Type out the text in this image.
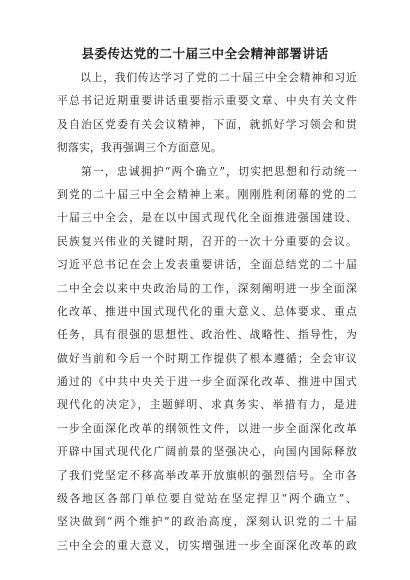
县委传达党的二十届三中全会精神部署讲话
　　以上，我们传达学习了党的二十届三中全会精神和习近
平总书记近期重要讲话重要指示重要文章、中央有关文件
及自治区党委有关会议精神，下面，就抓好学习领会和贯
彻落实，我再强调三个方面意见。
　　第一，忠诚拥护“两个确立”，切实把思想和行动统一
到党的二十届三中全会精神上来。刚刚胜利闭幕的党的二
十届三中全会，是在以中国式现代化全面推进强国建设、
民族复兴伟业的关键时期，召开的一次十分重要的会议。
习近平总书记在会上发表重要讲话，全面总结党的二十届
二中全会以来中央政治局的工作，深刻阐明进一步全面深
化改革、推进中国式现代化的重大意义、总体要求、重点
任务，具有很强的思想性、政治性、战略性、指导性，为
做好当前和今后一个时期工作提供了根本遵循；全会审议
通过的《中共中央关于进一步全面深化改革、推进中国式
现代化的决定》，主题鲜明、求真务实、举措有力，是进
一步全面深化改革的纲领性文件，以进一步全面深化改革
开辟中国式现代化广阔前景的坚强决心，向国内国际释放
了我们党坚定不移高举改革开放旗帜的强烈信号。全市各
级各地区各部门单位要自觉站在坚定捍卫“两个确立”、
坚决做到“两个维护”的政治高度，深刻认识党的二十届
三中全会的重大意义，切实增强进一步全面深化改革的政
